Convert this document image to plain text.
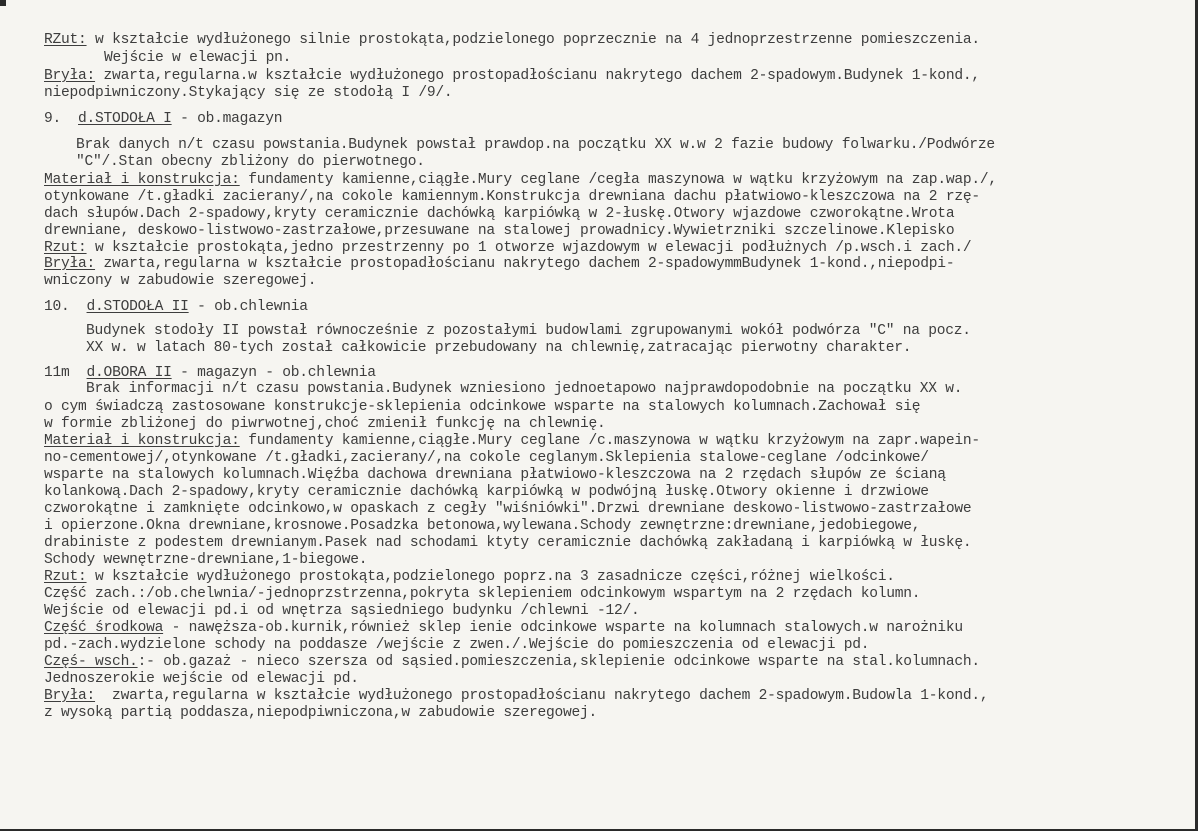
RZut: w kształcie wydłużonego silnie prostokąta,podzielonego poprzecznie na 4 jednoprzestrzenne pomieszczenia.
Wejście w elewacji pn.
Bryła: zwarta,regularna.w kształcie wydłużonego prostopadłościanu nakrytego dachem 2-spadowym.Budynek 1-kond.,
niepodpiwniczony.Stykający się ze stodołą I /9/.
9.  d.STODOŁA I - ob.magazyn
Brak danych n/t czasu powstania.Budynek powstał prawdop.na początku XX w.w 2 fazie budowy folwarku./Podwórze
"C"/.Stan obecny zbliżony do pierwotnego.
Materiał i konstrukcja: fundamenty kamienne,ciągłe.Mury ceglane /cegła maszynowa w wątku krzyżowym na zap.wap./,
otynkowane /t.gładki zacierany/,na cokole kamiennym.Konstrukcja drewniana dachu płatwiowo-kleszczowa na 2 rzę-
dach słupów.Dach 2-spadowy,kryty ceramicznie dachówką karpiówką w 2-łuskę.Otwory wjazdowe czworokątne.Wrota
drewniane, deskowo-listwowo-zastrzałowe,przesuwane na stalowej prowadnicy.Wywietrzniki szczelinowe.Klepisko
Rzut: w kształcie prostokąta,jedno przestrzenny po 1 otworze wjazdowym w elewacji podłużnych /p.wsch.i zach./
Bryła: zwarta,regularna w kształcie prostopadłościanu nakrytego dachem 2-spadowymmBudynek 1-kond.,niepodpi-
wniczony w zabudowie szeregowej.
10.  d.STODOŁA II - ob.chlewnia
Budynek stodoły II powstał równocześnie z pozostałymi budowlami zgrupowanymi wokół podwórza "C" na pocz.
XX w. w latach 80-tych został całkowicie przebudowany na chlewnię,zatracając pierwotny charakter.
11m  d.OBORA II - magazyn - ob.chlewnia
Brak informacji n/t czasu powstania.Budynek wzniesiono jednoetapowo najprawdopodobnie na początku XX w.
o cym świadczą zastosowane konstrukcje-sklepienia odcinkowe wsparte na stalowych kolumnach.Zachował się
w formie zbliżonej do piwrwotnej,choć zmienił funkcję na chlewnię.
Materiał i konstrukcja: fundamenty kamienne,ciągłe.Mury ceglane /c.maszynowa w wątku krzyżowym na zapr.wapein-
no-cementowej/,otynkowane /t.gładki,zacierany/,na cokole ceglanym.Sklepienia stalowe-ceglane /odcinkowe/
wsparte na stalowych kolumnach.Więźba dachowa drewniana płatwiowo-kleszczowa na 2 rzędach słupów ze ścianą
kolankową.Dach 2-spadowy,kryty ceramicznie dachówką karpiówką w podwójną łuskę.Otwory okienne i drzwiowe
czworokątne i zamknięte odcinkowo,w opaskach z cegły "wiśniówki".Drzwi drewniane deskowo-listwowo-zastrzałowe
i opierzone.Okna drewniane,krosnowe.Posadzka betonowa,wylewana.Schody zewnętrzne:drewniane,jedobiegowe,
drabiniste z podestem drewnianym.Pasek nad schodami ktyty ceramicznie dachówką zakładaną i karpiówką w łuskę.
Schody wewnętrzne-drewniane,1-biegowe.
Rzut: w kształcie wydłużonego prostokąta,podzielonego poprz.na 3 zasadnicze części,różnej wielkości.
Część zach.:/ob.chelwnia/-jednoprzstrzenna,pokryta sklepieniem odcinkowym wspartym na 2 rzędach kolumn.
Wejście od elewacji pd.i od wnętrza sąsiedniego budynku /chlewni -12/.
Część środkowa - nawęższa-ob.kurnik,również sklep ienie odcinkowe wsparte na kolumnach stalowych.w narożniku
pd.-zach.wydzielone schody na poddasze /wejście z zwen./.Wejście do pomieszczenia od elewacji pd.
Częś- wsch.:- ob.gazaż - nieco szersza od sąsied.pomieszczenia,sklepienie odcinkowe wsparte na stal.kolumnach.
Jednoszerokie wejście od elewacji pd.
Bryła:  zwarta,regularna w kształcie wydłużonego prostopadłościanu nakrytego dachem 2-spadowym.Budowla 1-kond.,
z wysoką partią poddasza,niepodpiwniczona,w zabudowie szeregowej.
